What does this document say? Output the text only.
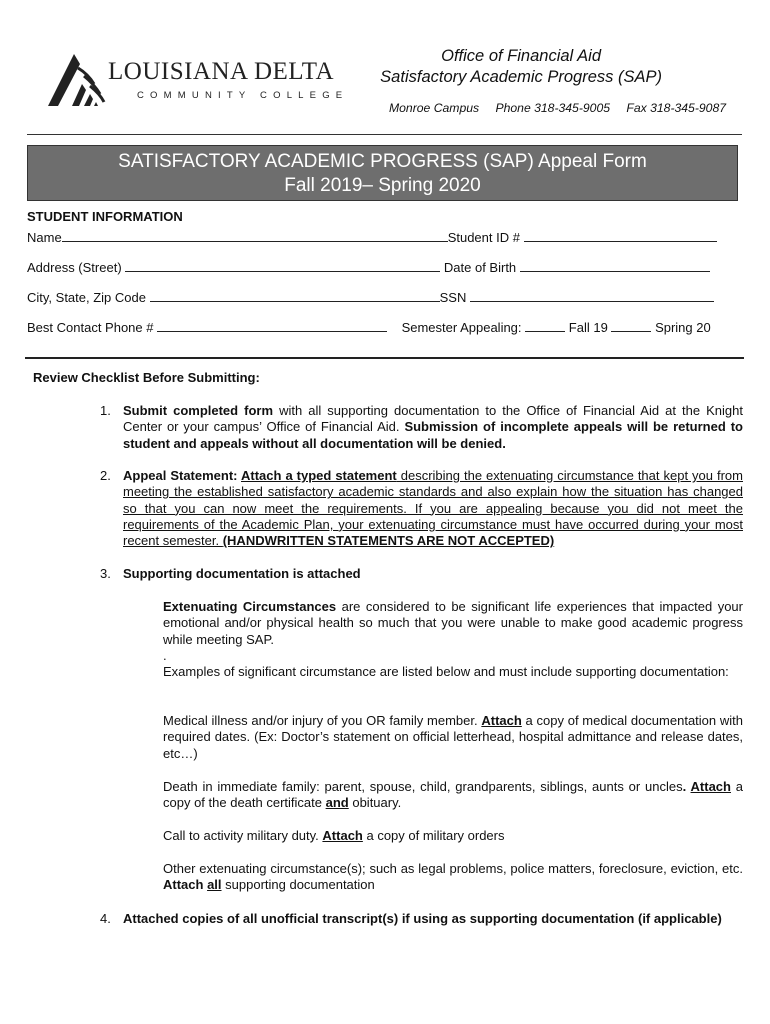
LOUISIANA DELTA
COMMUNITY COLLEGE
Office of Financial Aid
Satisfactory Academic Progress (SAP)
Monroe Campus Phone 318-345-9005 Fax 318-345-9087
SATISFACTORY ACADEMIC PROGRESS (SAP) Appeal Form
Fall 2019– Spring 2020
STUDENT INFORMATION
Name	Student ID #
Address (Street)	Date of Birth
City, State, Zip Code	SSN
Best Contact Phone #	Semester Appealing:	Fall 19	Spring 20
Review Checklist Before Submitting:
1. Submit completed form with all supporting documentation to the Office of Financial Aid at the Knight Center or your campus’ Office of Financial Aid. Submission of incomplete appeals will be returned to student and appeals without all documentation will be denied.
2. Appeal Statement: Attach a typed statement describing the extenuating circumstance that kept you from meeting the established satisfactory academic standards and also explain how the situation has changed so that you can now meet the requirements. If you are appealing because you did not meet the requirements of the Academic Plan, your extenuating circumstance must have occurred during your most recent semester. (HANDWRITTEN STATEMENTS ARE NOT ACCEPTED)
3. Supporting documentation is attached
Extenuating Circumstances are considered to be significant life experiences that impacted your emotional and/or physical health so much that you were unable to make good academic progress while meeting SAP.
.
Examples of significant circumstance are listed below and must include supporting documentation:
Medical illness and/or injury of you OR family member. Attach a copy of medical documentation with required dates. (Ex: Doctor’s statement on official letterhead, hospital admittance and release dates, etc…)
Death in immediate family: parent, spouse, child, grandparents, siblings, aunts or uncles. Attach a copy of the death certificate and obituary.
Call to activity military duty. Attach a copy of military orders
Other extenuating circumstance(s); such as legal problems, police matters, foreclosure, eviction, etc. Attach all supporting documentation
4. Attached copies of all unofficial transcript(s) if using as supporting documentation (if applicable)
